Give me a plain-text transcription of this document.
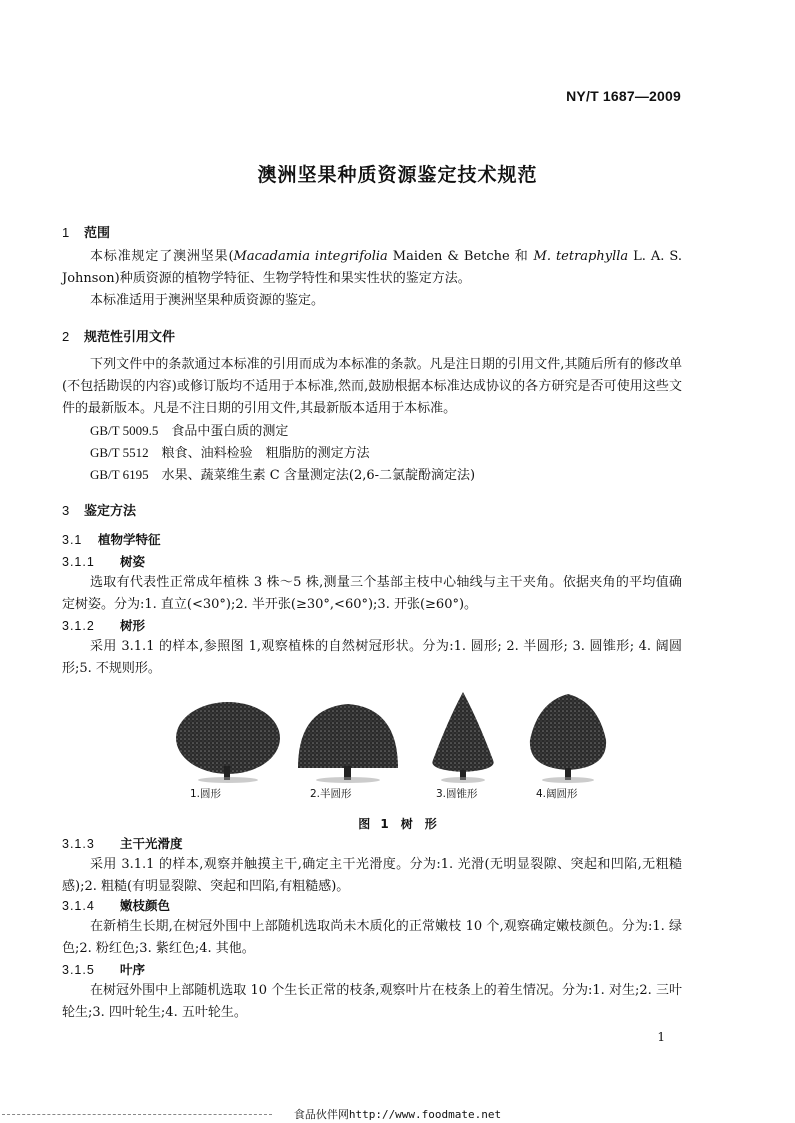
NY/T 1687—2009
澳洲坚果种质资源鉴定技术规范
1 范围
本标准规定了澳洲坚果(Macadamia integrifolia Maiden & Betche 和 M. tetraphylla L. A. S. Johnson)种质资源的植物学特征、生物学特性和果实性状的鉴定方法。
本标准适用于澳洲坚果种质资源的鉴定。
2 规范性引用文件
下列文件中的条款通过本标准的引用而成为本标准的条款。凡是注日期的引用文件,其随后所有的修改单(不包括勘误的内容)或修订版均不适用于本标准,然而,鼓励根据本标准达成协议的各方研究是否可使用这些文件的最新版本。凡是不注日期的引用文件,其最新版本适用于本标准。
GB/T 5009.5　 食品中蛋白质的测定
GB/T 5512　 粮食、油料检验　粗脂肪的测定方法
GB/T 6195　 水果、蔬菜维生素 C 含量测定法(2,6-二氯靛酚滴定法)
3 鉴定方法
3.1 植物学特征
3.1.1 树姿
选取有代表性正常成年植株 3 株～5 株,测量三个基部主枝中心轴线与主干夹角。依据夹角的平均值确定树姿。分为:1. 直立(<30°);2. 半开张(≥30°,<60°);3. 开张(≥60°)。
3.1.2 树形
采用 3.1.1 的样本,参照图 1,观察植株的自然树冠形状。分为:1. 圆形; 2. 半圆形; 3. 圆锥形; 4. 阔圆形;5. 不规则形。
1.圆形	2.半圆形	3.圆锥形	4.阔圆形
图 1　树　形
3.1.3 主干光滑度
采用 3.1.1 的样本,观察并触摸主干,确定主干光滑度。分为:1. 光滑(无明显裂隙、突起和凹陷,无粗糙感);2. 粗糙(有明显裂隙、突起和凹陷,有粗糙感)。
3.1.4 嫩枝颜色
在新梢生长期,在树冠外围中上部随机选取尚未木质化的正常嫩枝 10 个,观察确定嫩枝颜色。分为:1. 绿色;2. 粉红色;3. 紫红色;4. 其他。
3.1.5 叶序
在树冠外围中上部随机选取 10 个生长正常的枝条,观察叶片在枝条上的着生情况。分为:1. 对生;2. 三叶轮生;3. 四叶轮生;4. 五叶轮生。
1
食品伙伴网http://www.foodmate.net
